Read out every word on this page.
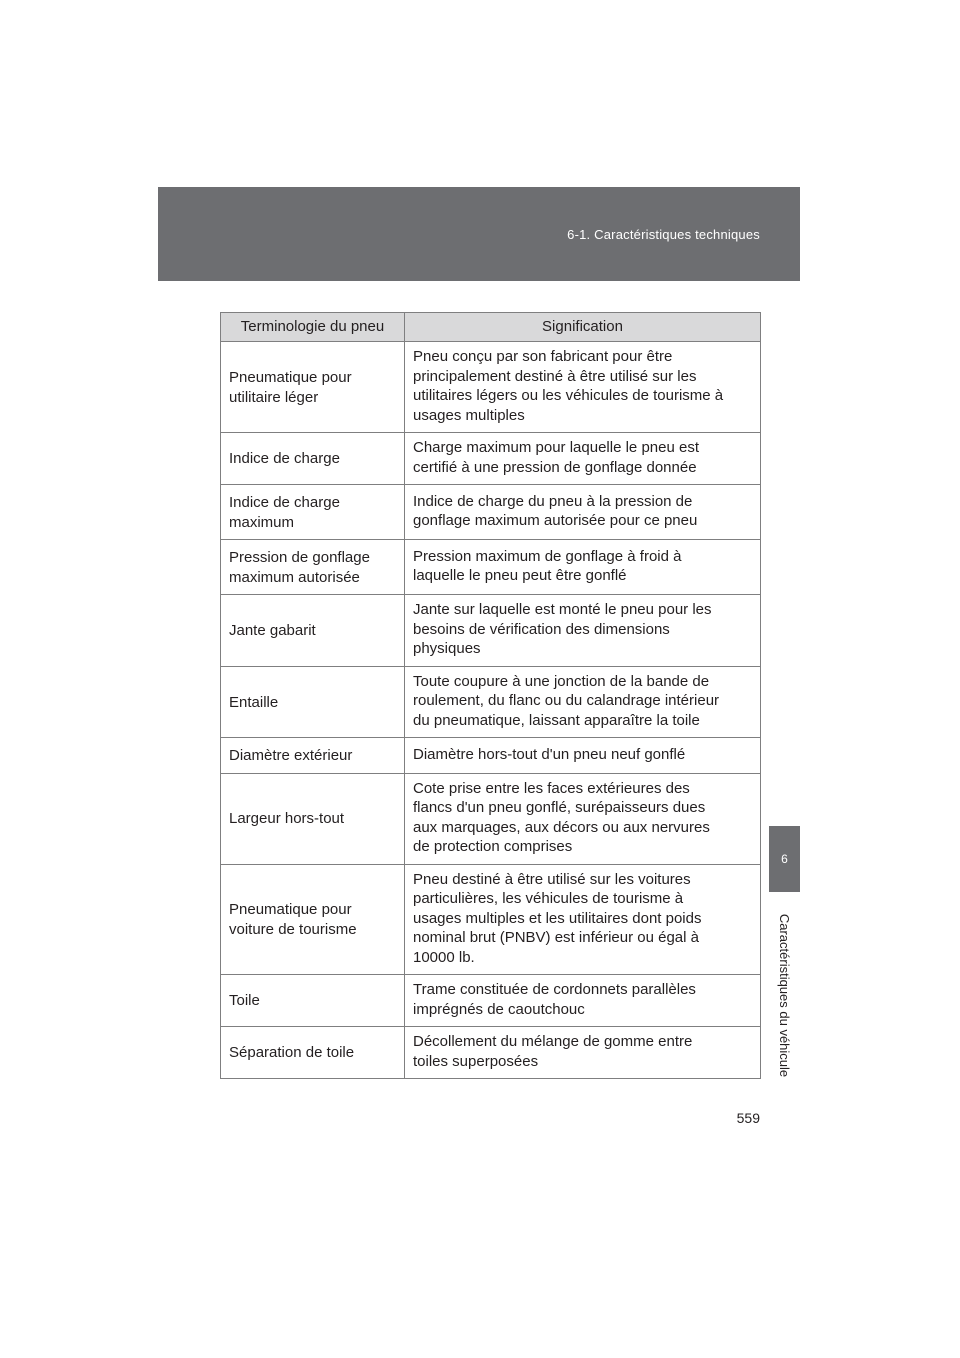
6-1. Caractéristiques techniques
6
Caractéristiques du véhicule
Terminologie du pneu	Signification

Pneumatique pour
utilitaire léger	Pneu conçu par son fabricant pour être
principalement destiné à être utilisé sur les
utilitaires légers ou les véhicules de tourisme à
usages multiples

Indice de charge	Charge maximum pour laquelle le pneu est
certifié à une pression de gonflage donnée

Indice de charge
maximum	Indice de charge du pneu à la pression de
gonflage maximum autorisée pour ce pneu

Pression de gonflage
maximum autorisée	Pression maximum de gonflage à froid à
laquelle le pneu peut être gonflé

Jante gabarit	Jante sur laquelle est monté le pneu pour les
besoins de vérification des dimensions
physiques

Entaille	Toute coupure à une jonction de la bande de
roulement, du flanc ou du calandrage intérieur
du pneumatique, laissant apparaître la toile

Diamètre extérieur	Diamètre hors-tout d'un pneu neuf gonflé

Largeur hors-tout	Cote prise entre les faces extérieures des
flancs d'un pneu gonflé, surépaisseurs dues
aux marquages, aux décors ou aux nervures
de protection comprises

Pneumatique pour
voiture de tourisme	Pneu destiné à être utilisé sur les voitures
particulières, les véhicules de tourisme à
usages multiples et les utilitaires dont poids
nominal brut (PNBV) est inférieur ou égal à
10000 lb.

Toile	Trame constituée de cordonnets parallèles
imprégnés de caoutchouc

Séparation de toile	Décollement du mélange de gomme entre
toiles superposées
559
